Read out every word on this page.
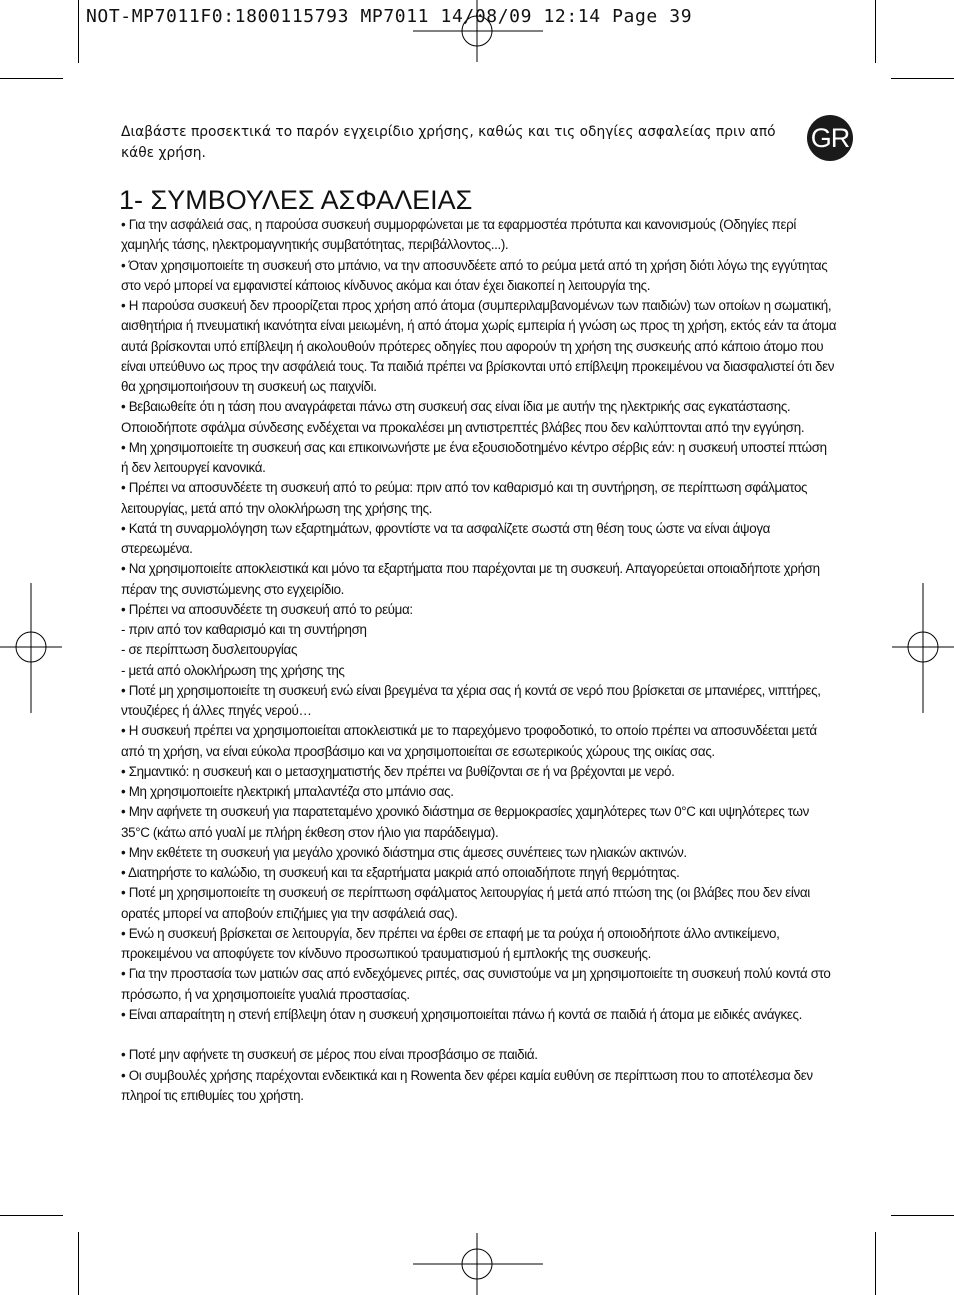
NOT-MP7011F0:1800115793 MP7011 14/08/09 12:14 Page 39
Διαβάστε προσεκτικά το παρόν εγχειρίδιο χρήσης, καθώς και τις οδηγίες ασφαλείας πριν από κάθε χρήση.	GR
1- ΣΥΜΒΟΥΛΕΣ ΑΣΦΑΛΕΙΑΣ

• Για την ασφάλειά σας, η παρούσα συσκευή συμμορφώνεται με τα εφαρμοστέα πρότυπα και κανονισμούς (Οδηγίες περί χαμηλής τάσης, ηλεκτρομαγνητικής συμβατότητας, περιβάλλοντος...).

• Όταν χρησιμοποιείτε τη συσκευή στο μπάνιο, να την αποσυνδέετε από το ρεύμα μετά από τη χρήση διότι λόγω της εγγύτητας στο νερό μπορεί να εμφανιστεί κάποιος κίνδυνος ακόμα και όταν έχει διακοπεί η λειτουργία της.

• Η παρούσα συσκευή δεν προορίζεται προς χρήση από άτομα (συμπεριλαμβανομένων των παιδιών) των οποίων η σωματική, αισθητήρια ή πνευματική ικανότητα είναι μειωμένη, ή από άτομα χωρίς εμπειρία ή γνώση ως προς τη χρήση, εκτός εάν τα άτομα αυτά βρίσκονται υπό επίβλεψη ή ακολουθούν πρότερες οδηγίες που αφορούν τη χρήση της συσκευής από κάποιο άτομο που είναι υπεύθυνο ως προς την ασφάλειά τους. Τα παιδιά πρέπει να βρίσκονται υπό επίβλεψη προκειμένου να διασφαλιστεί ότι δεν θα χρησιμοποιήσουν τη συσκευή ως παιχνίδι.

• Βεβαιωθείτε ότι η τάση που αναγράφεται πάνω στη συσκευή σας είναι ίδια με αυτήν της ηλεκτρικής σας εγκατάστασης. Οποιοδήποτε σφάλμα σύνδεσης ενδέχεται να προκαλέσει μη αντιστρεπτές βλάβες που δεν καλύπτονται από την εγγύηση.

• Μη χρησιμοποιείτε τη συσκευή σας και επικοινωνήστε με ένα εξουσιοδοτημένο κέντρο σέρβις εάν: η συσκευή υποστεί πτώση ή δεν λειτουργεί κανονικά.

• Πρέπει να αποσυνδέετε τη συσκευή από το ρεύμα: πριν από τον καθαρισμό και τη συντήρηση, σε περίπτωση σφάλματος λειτουργίας, μετά από την ολοκλήρωση της χρήσης της.

• Κατά τη συναρμολόγηση των εξαρτημάτων, φροντίστε να τα ασφαλίζετε σωστά στη θέση τους ώστε να είναι άψογα στερεωμένα.

• Να χρησιμοποιείτε αποκλειστικά και μόνο τα εξαρτήματα που παρέχονται με τη συσκευή. Απαγορεύεται οποιαδήποτε χρήση πέραν της συνιστώμενης στο εγχειρίδιο.

• Πρέπει να αποσυνδέετε τη συσκευή από το ρεύμα:

- πριν από τον καθαρισμό και τη συντήρηση

- σε περίπτωση δυσλειτουργίας

- μετά από ολοκλήρωση της χρήσης της

• Ποτέ μη χρησιμοποιείτε τη συσκευή ενώ είναι βρεγμένα τα χέρια σας ή κοντά σε νερό που βρίσκεται σε μπανιέρες, νιπτήρες, ντουζιέρες ή άλλες πηγές νερού…

• Η συσκευή πρέπει να χρησιμοποιείται αποκλειστικά με το παρεχόμενο τροφοδοτικό, το οποίο πρέπει να αποσυνδέεται μετά από τη χρήση, να είναι εύκολα προσβάσιμο και να χρησιμοποιείται σε εσωτερικούς χώρους της οικίας σας.

• Σημαντικό: η συσκευή και ο μετασχηματιστής δεν πρέπει να βυθίζονται σε ή να βρέχονται με νερό.

• Μη χρησιμοποιείτε ηλεκτρική μπαλαντέζα στο μπάνιο σας.

• Μην αφήνετε τη συσκευή για παρατεταμένο χρονικό διάστημα σε θερμοκρασίες χαμηλότερες των 0°C και υψηλότερες των 35°C (κάτω από γυαλί με πλήρη έκθεση στον ήλιο για παράδειγμα).

• Μην εκθέτετε τη συσκευή για μεγάλο χρονικό διάστημα στις άμεσες συνέπειες των ηλιακών ακτινών.

• Διατηρήστε το καλώδιο, τη συσκευή και τα εξαρτήματα μακριά από οποιαδήποτε πηγή θερμότητας.

• Ποτέ μη χρησιμοποιείτε τη συσκευή σε περίπτωση σφάλματος λειτουργίας ή μετά από πτώση της (οι βλάβες που δεν είναι ορατές μπορεί να αποβούν επιζήμιες για την ασφάλειά σας).

• Ενώ η συσκευή βρίσκεται σε λειτουργία, δεν πρέπει να έρθει σε επαφή με τα ρούχα ή οποιοδήποτε άλλο αντικείμενο, προκειμένου να αποφύγετε τον κίνδυνο προσωπικού τραυματισμού ή εμπλοκής της συσκευής.

• Για την προστασία των ματιών σας από ενδεχόμενες ριπές, σας συνιστούμε να μη χρησιμοποιείτε τη συσκευή πολύ κοντά στο πρόσωπο, ή να χρησιμοποιείτε γυαλιά προστασίας.

• Είναι απαραίτητη η στενή επίβλεψη όταν η συσκευή χρησιμοποιείται πάνω ή κοντά σε παιδιά ή άτομα με ειδικές ανάγκες.

• Ποτέ μην αφήνετε τη συσκευή σε μέρος που είναι προσβάσιμο σε παιδιά.

• Οι συμβουλές χρήσης παρέχονται ενδεικτικά και η Rowenta δεν φέρει καμία ευθύνη σε περίπτωση που το αποτέλεσμα δεν πληροί τις επιθυμίες του χρήστη.
